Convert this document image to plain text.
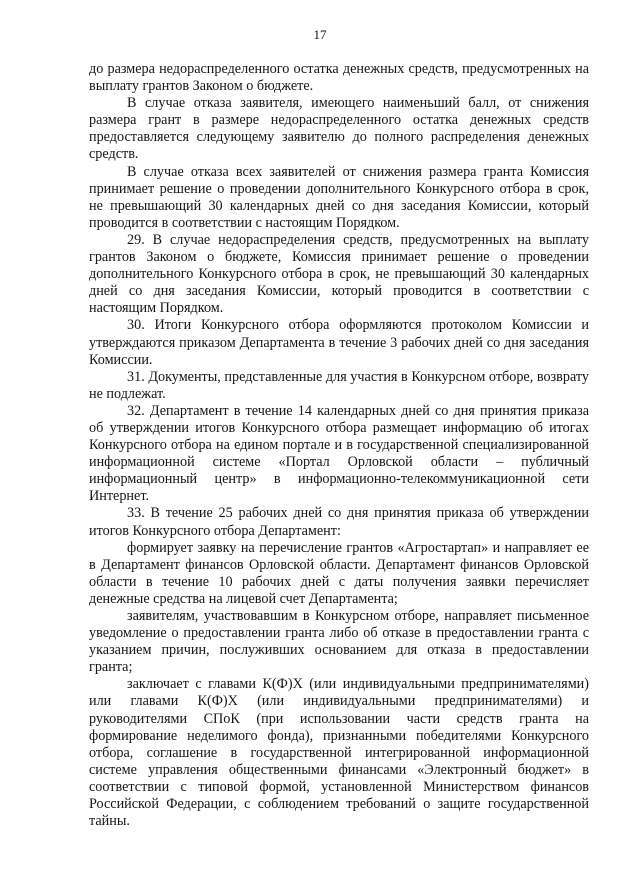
17

до размера недораспределенного остатка денежных средств, предусмотренных на выплату грантов Законом о бюджете.

В случае отказа заявителя, имеющего наименьший балл, от снижения размера грант в размере недораспределенного остатка денежных средств предоставляется следующему заявителю до полного распределения денежных средств.

В случае отказа всех заявителей от снижения размера гранта Комиссия принимает решение о проведении дополнительного Конкурсного отбора в срок, не превышающий 30 календарных дней со дня заседания Комиссии, который проводится в соответствии с настоящим Порядком.

29. В случае недораспределения средств, предусмотренных на выплату грантов Законом о бюджете, Комиссия принимает решение о проведении дополнительного Конкурсного отбора в срок, не превышающий 30 календарных дней со дня заседания Комиссии, который проводится в соответствии с настоящим Порядком.

30. Итоги Конкурсного отбора оформляются протоколом Комиссии и утверждаются приказом Департамента в течение 3 рабочих дней со дня заседания Комиссии.

31. Документы, представленные для участия в Конкурсном отборе, возврату не подлежат.

32. Департамент в течение 14 календарных дней со дня принятия приказа об утверждении итогов Конкурсного отбора размещает информацию об итогах Конкурсного отбора на едином портале и в государственной специализированной информационной системе «Портал Орловской области – публичный информационный центр» в информационно-телекоммуникационной сети Интернет.

33. В течение 25 рабочих дней со дня принятия приказа об утверждении итогов Конкурсного отбора Департамент:

формирует заявку на перечисление грантов «Агростартап» и направляет ее в Департамент финансов Орловской области. Департамент финансов Орловской области в течение 10 рабочих дней с даты получения заявки перечисляет денежные средства на лицевой счет Департамента;

заявителям, участвовавшим в Конкурсном отборе, направляет письменное уведомление о предоставлении гранта либо об отказе в предоставлении гранта с указанием причин, послуживших основанием для отказа в предоставлении гранта;

заключает с главами К(Ф)Х (или индивидуальными предпринимателями) или главами К(Ф)Х (или индивидуальными предпринимателями) и руководителями СПоК (при использовании части средств гранта на формирование неделимого фонда), признанными победителями Конкурсного отбора, соглашение в государственной интегрированной информационной системе управления общественными финансами «Электронный бюджет» в соответствии с типовой формой, установленной Министерством финансов Российской Федерации, с соблюдением требований о защите государственной тайны.
